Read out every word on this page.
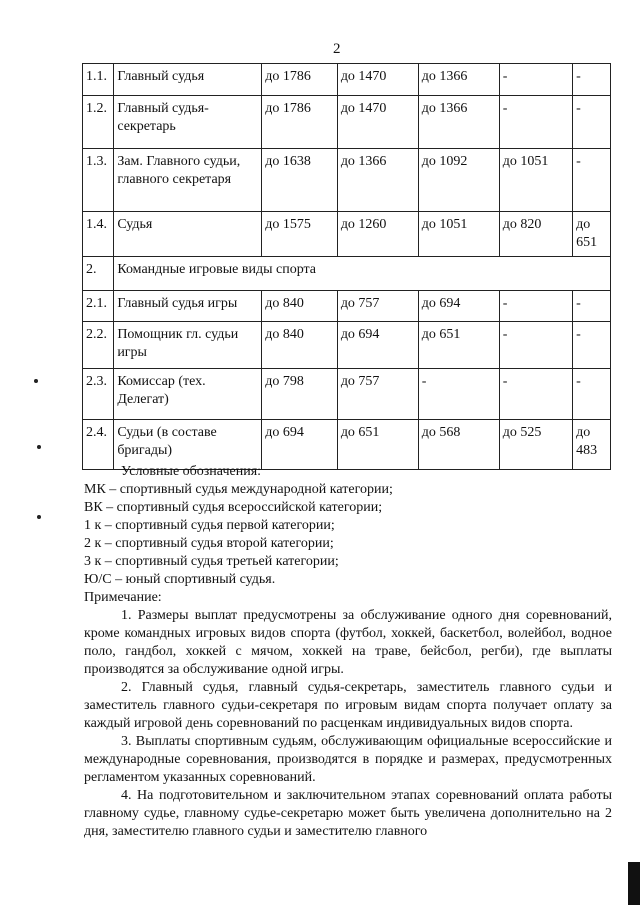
2
1.1.	Главный судья	до 1786	до 1470	до 1366	-	-
1.2.	Главный судья-секретарь	до 1786	до 1470	до 1366	-	-
1.3.	Зам. Главного судьи, главного секретаря	до 1638	до 1366	до 1092	до 1051	-
1.4.	Судья	до 1575	до 1260	до 1051	до 820	до 651
2.	Командные игровые виды спорта					
2.1.	Главный судья игры	до 840	до 757	до 694	-	-
2.2.	Помощник гл. судьи игры	до 840	до 694	до 651	-	-
2.3.	Комиссар (тех. Делегат)	до 798	до 757	-	-	-
2.4.	Судьи (в составе бригады)	до 694	до 651	до 568	до 525	до 483

Условные обозначения:

МК – спортивный судья международной категории;

ВК – спортивный судья всероссийской категории;

1 к – спортивный судья первой категории;

2 к – спортивный судья второй категории;

3 к – спортивный судья третьей категории;

Ю/С – юный спортивный судья.

Примечание:

1. Размеры выплат предусмотрены за обслуживание одного дня соревнований, кроме командных игровых видов спорта (футбол, хоккей, баскетбол, волейбол, водное поло, гандбол, хоккей с мячом, хоккей на траве, бейсбол, регби), где выплаты производятся за обслуживание одной игры.

2. Главный судья, главный судья-секретарь, заместитель главного судьи и заместитель главного судьи-секретаря по игровым видам спорта получает оплату за каждый игровой день соревнований по расценкам индивидуальных видов спорта.

3. Выплаты спортивным судьям, обслуживающим официальные всероссийские и международные соревнования, производятся в порядке и размерах, предусмотренных регламентом указанных соревнований.

4. На подготовительном и заключительном этапах соревнований оплата работы главному судье, главному судье-секретарю может быть увеличена дополнительно на 2 дня, заместителю главного судьи и заместителю главного
